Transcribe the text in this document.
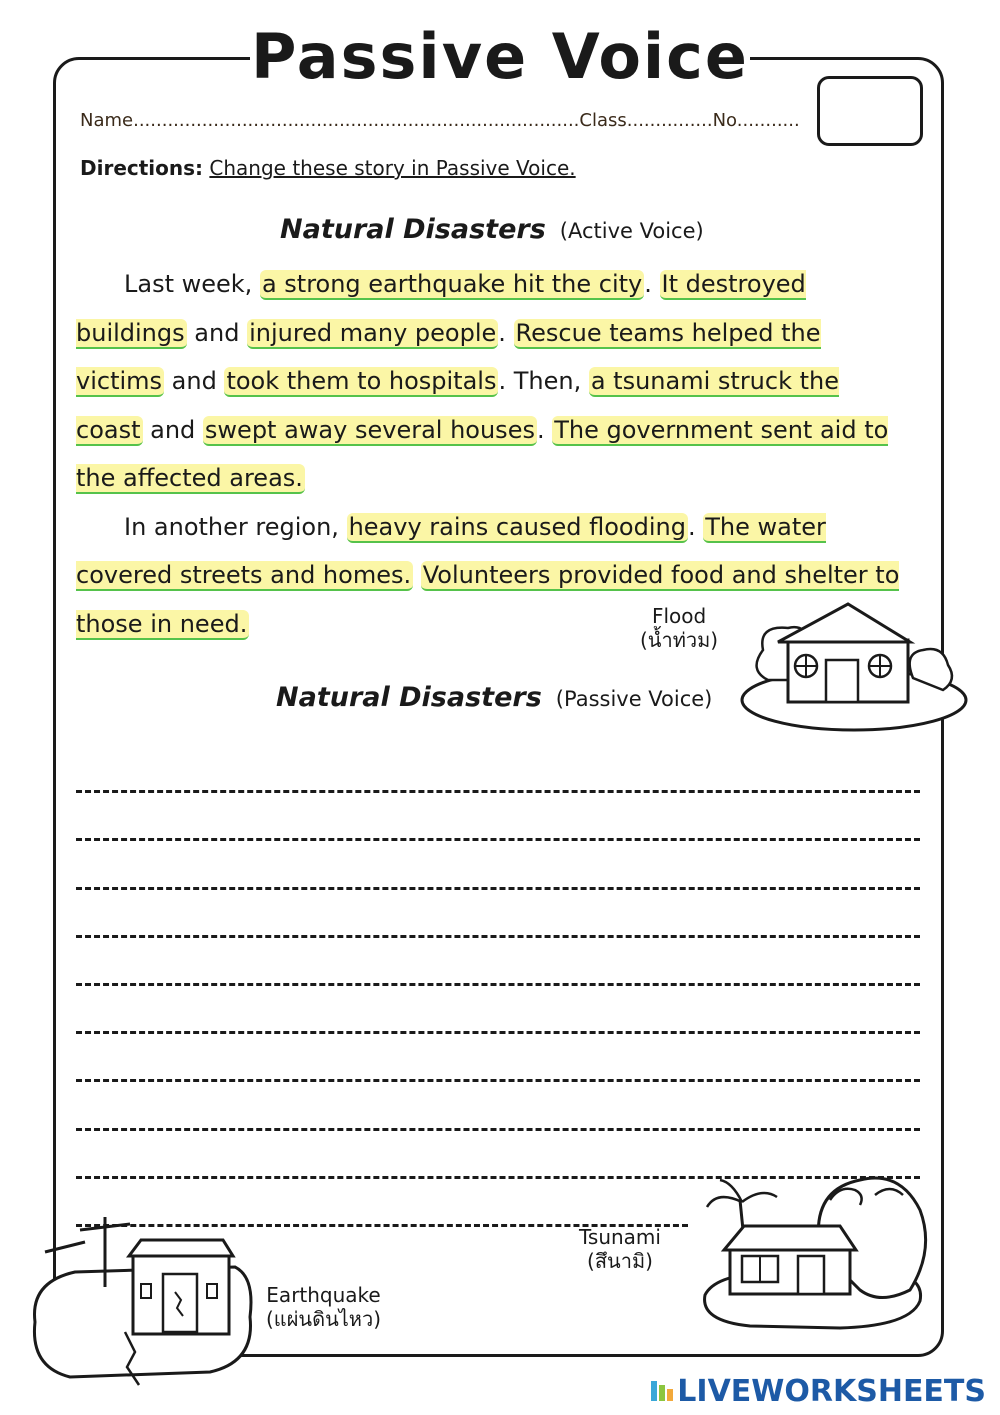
Passive Voice
Name..............................................................................Class...............No...........
Directions: Change these story in Passive Voice.
Natural Disasters (Active Voice)

Last week, a strong earthquake hit the city. It destroyed buildings and injured many people. Rescue teams helped the victims and took them to hospitals. Then, a tsunami struck the coast and swept away several houses. The government sent aid to the affected areas.

In another region, heavy rains caused flooding. The water covered streets and homes. Volunteers provided food and shelter to those in need.

Natural Disasters (Passive Voice)
Flood
(น้ำท่วม)
Earthquake
(แผ่นดินไหว)
Tsunami
(สึนามิ)
LIVEWORKSHEETS
